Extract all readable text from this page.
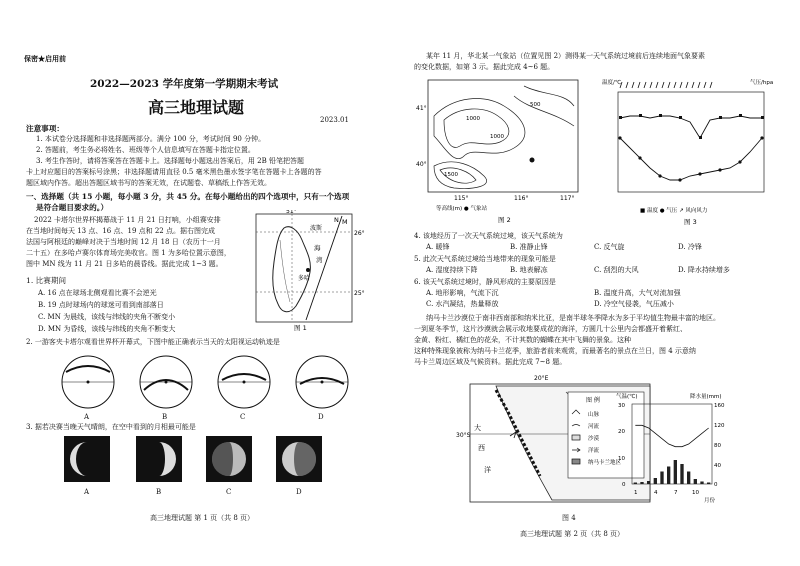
保密★启用前
2022—2023 学年度第一学期期末考试
高三地理试题
2023.01
注意事项：
1. 本试卷分选择题和非选择题两部分。满分 100 分，考试时间 90 分钟。
2. 答题前，考生务必将姓名、班级等个人信息填写在答题卡指定位置。
3. 考生作答时，请将答案答在答题卡上。选择题每小题选出答案后，用 2B 铅笔把答题
卡上对应题目的答案标号涂黑；非选择题请用直径 0.5 毫米黑色墨水签字笔在答题卡上各题的答
题区域内作答。超出答题区域书写的答案无效，在试题卷、草稿纸上作答无效。
一、选择题（共 15 小题，每小题 3 分，共 45 分。在每小题给出的四个选项中，只有一个选项
是符合题目要求的。）
2022 卡塔尔世界杯揭幕战于 11 月 21 日打响，小组赛安排
在当地时间每天 13 点、16 点、19 点和 22 点。据右图完成
法国与阿根廷的巅峰对决于当地时间 12 月 18 日（农历十一月
二十五）在多哈卢赛尔体育场完美收官。图 1 为多哈位置示意图，
图中 MN 线为 11 月 21 日多哈的晨昏线。据此完成 1~3 题。
1. 比赛期间
A. 16 点在球场北侧观看比赛不会逆光
B. 19 点时球场内的球迷可看到南部落日
C. MN 为晨线，该线与纬线的夹角不断变小
D. MN 为昏线，该线与纬线的夹角不断变大
N M
26°
25°
51°
海
湾
多哈
波斯
图 1
2. 一游客夹卡塔尔观看世界杯开幕式，下图中能正确表示当天的太阳视运动轨迹是
A	B	C	D
3. 据若决赛当晚天气晴朗，在空中看到的月相最可能是
A	B	C	D
高三地理试题 第 1 页（共 8 页）
某年 11 月，华北某一气象站（位置见图 2）测得某一天气系统过境前后连续地面气象要素
的变化数据，如第 3 示。据此完成 4~6 题。
41°
40°
115°	116°	117°
1000
500
1500
1000
等高线(m) ● 气象站
图 2
温度/℃	气压/hpa
■ 温度 ● 气压 ↗ 风向风力
图 3
4. 该地经历了一次天气系统过境，该天气系统为
A. 暖锋	B. 准静止锋	C. 反气旋	D. 冷锋
5. 此次天气系统过境给当地带来的现象可能是
A. 湿度持续下降	B. 地表解冻	C. 刮烈的大风	D. 降水持续增多
6. 该天气系统过境时，静风形成的主要原因是
A. 地形影响，气流下沉	B. 温度升高，大气对流加强
C. 水汽凝结，热量释放	D. 冷空气侵袭，气压减小
纳马卡兰沙漠位于南非西南部和纳米比亚，是南半球冬季降水为多于平均值生物最丰富的地区。
一到夏冬季节，这片沙漠就会展示收地要成花的海洋，方圆几十公里内会都盛开着紫红、
金黄、粉红、橘红色的花朵，不计其数的蝴蝶在其中飞舞的景象。这种
这种特殊现象被称为纳马卡兰花季，旅游者前来观赏，而最著名的景点在兰日，图 4 示意纳
马卡兰周边区域及气候资料。据此完成 7~8 题。
20°E
大
西
洋
30°S
图 例
山脉
河流
沙漠
洋流
纳马卡兰地区
图 4
气温(℃)	降水量(mm)
30
20
10
0
160
120
80
40
0
1	4	7	10
月份
高三地理试题 第 2 页（共 8 页）
